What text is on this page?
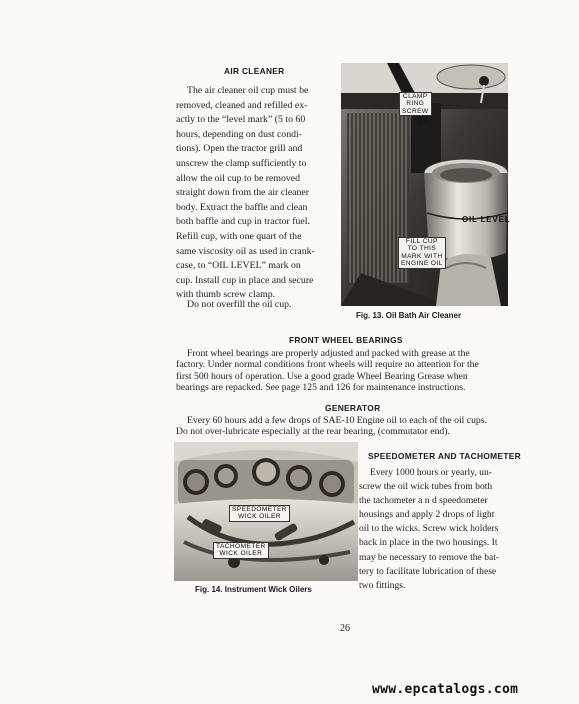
AIR CLEANER
The air cleaner oil cup must be
removed, cleaned and refilled ex-
actly to the “level mark” (5 to 60
hours, depending on dust condi-
tions). Open the tractor grill and
unscrew the clamp sufficiently to
allow the oil cup to be removed
straight down from the air cleaner
body. Extract the baffle and clean
both baffle and cup in tractor fuel.
Refill cup, with one quart of the
same viscosity oil as used in crank-
case, to “OIL LEVEL” mark on
cup. Install cup in place and secure
with thumb screw clamp.
Do not overfill the oil cup.
CLAMP
RING
SCREW
OIL LEVEL
FILL CUP
TO THIS
MARK WITH
ENGINE OIL
Fig. 13. Oil Bath Air Cleaner
FRONT WHEEL BEARINGS
Front wheel bearings are properly adjusted and packed with grease at the
factory. Under normal conditions front wheels will require no attention for the
first 500 hours of operation. Use a good grade Wheel Bearing Grease when
bearings are repacked. See page 125 and 126 for maintenance instructions.
GENERATOR
Every 60 hours add a few drops of SAE-10 Engine oil to each of the oil cups.
Do not over-lubricate especially at the rear bearing, (commutator end).
SPEEDOMETER
WICK OILER
TACHOMETER
WICK OILER
Fig. 14. Instrument Wick Oilers
SPEEDOMETER AND TACHOMETER
Every 1000 hours or yearly, un-
screw the oil wick tubes from both
the tachometer a n d speedometer
housings and apply 2 drops of light
oil to the wicks. Screw wick holders
back in place in the two housings. It
may be necessary to remove the bat-
tery to facilitate lubrication of these
two fittings.
26
www.epcatalogs.com
